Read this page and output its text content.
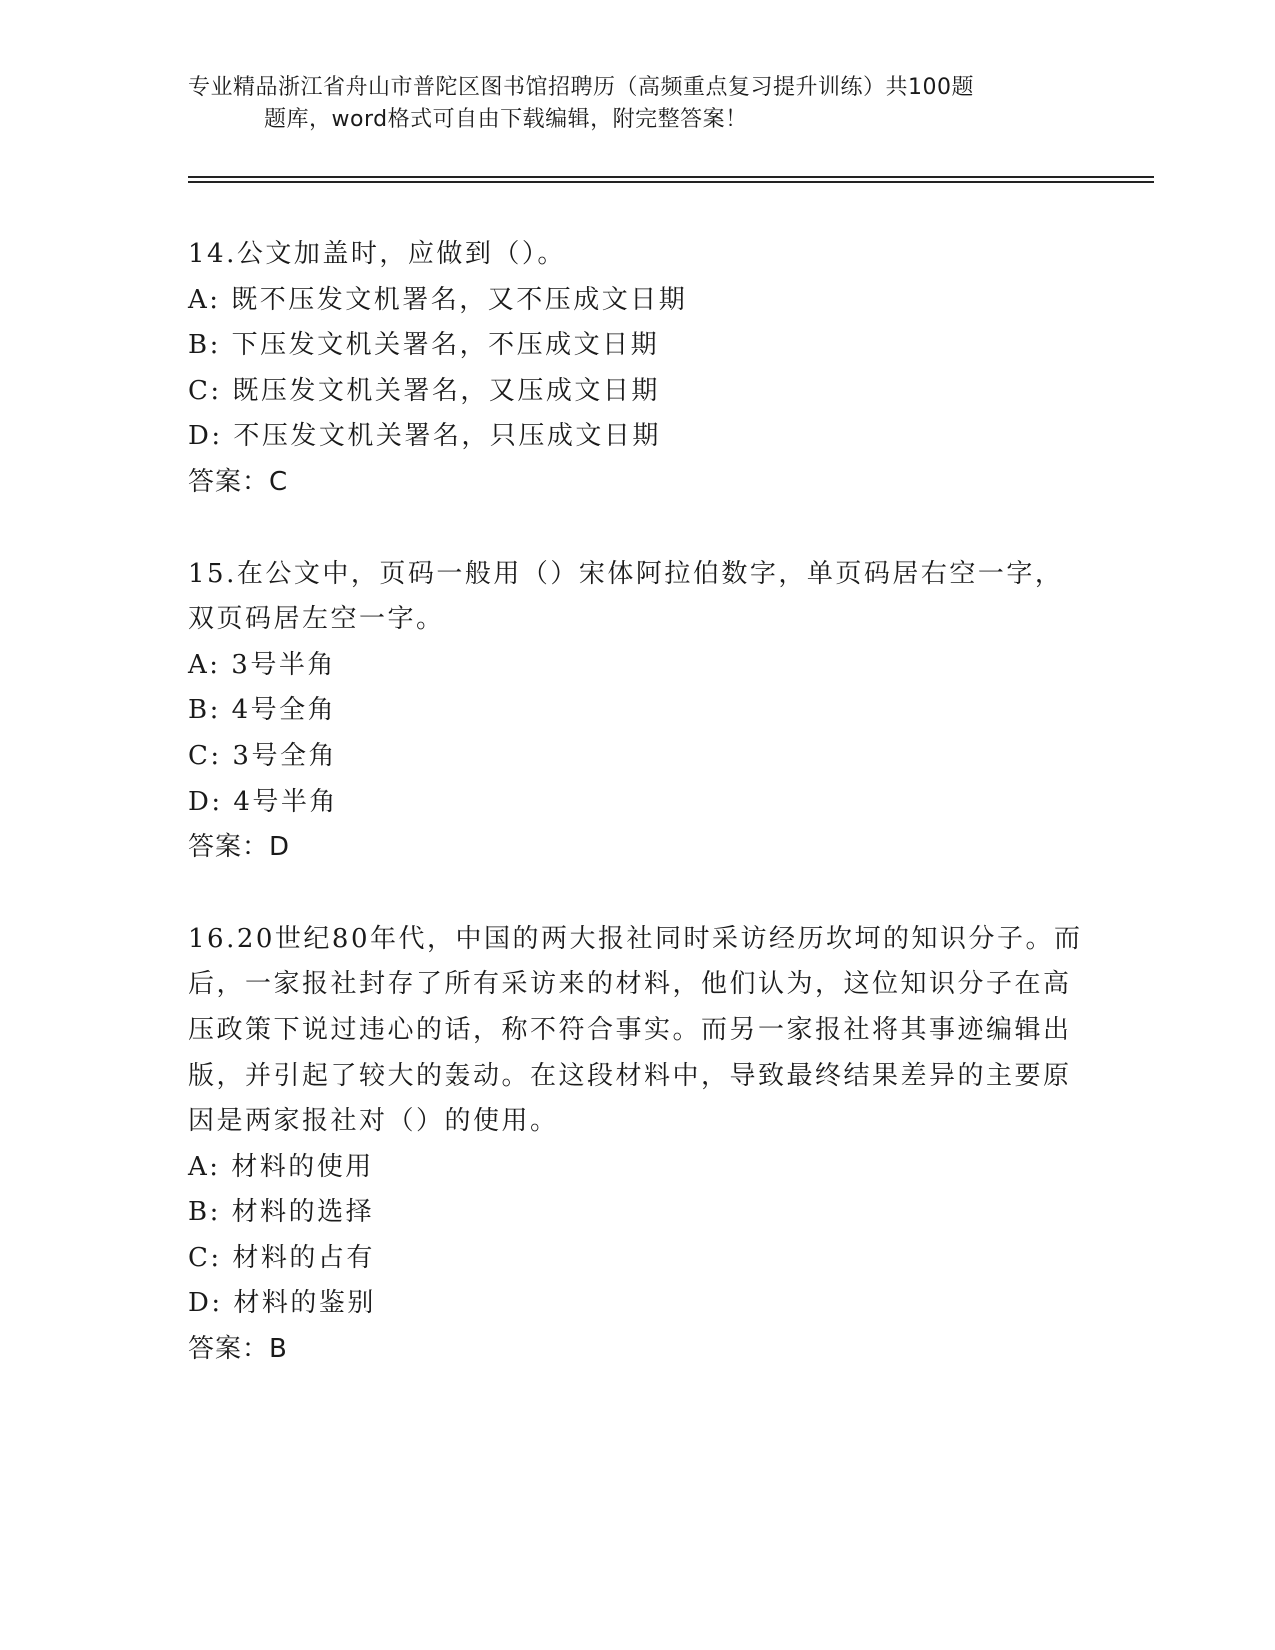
专业精品浙江省舟山市普陀区图书馆招聘历（高频重点复习提升训练）共100题
题库，word格式可自由下载编辑，附完整答案！
14.公文加盖时，应做到（）。
A: 既不压发文机署名，又不压成文日期
B: 下压发文机关署名，不压成文日期
C: 既压发文机关署名，又压成文日期
D: 不压发文机关署名，只压成文日期
答案：C
15.在公文中，页码一般用（）宋体阿拉伯数字，单页码居右空一字，双页码居左空一字。
A: 3号半角
B: 4号全角
C: 3号全角
D: 4号半角
答案：D
16.20世纪80年代，中国的两大报社同时采访经历坎坷的知识分子。而后，一家报社封存了所有采访来的材料，他们认为，这位知识分子在高压政策下说过违心的话，称不符合事实。而另一家报社将其事迹编辑出版，并引起了较大的轰动。在这段材料中，导致最终结果差异的主要原因是两家报社对（）的使用。
A: 材料的使用
B: 材料的选择
C: 材料的占有
D: 材料的鉴别
答案：B
